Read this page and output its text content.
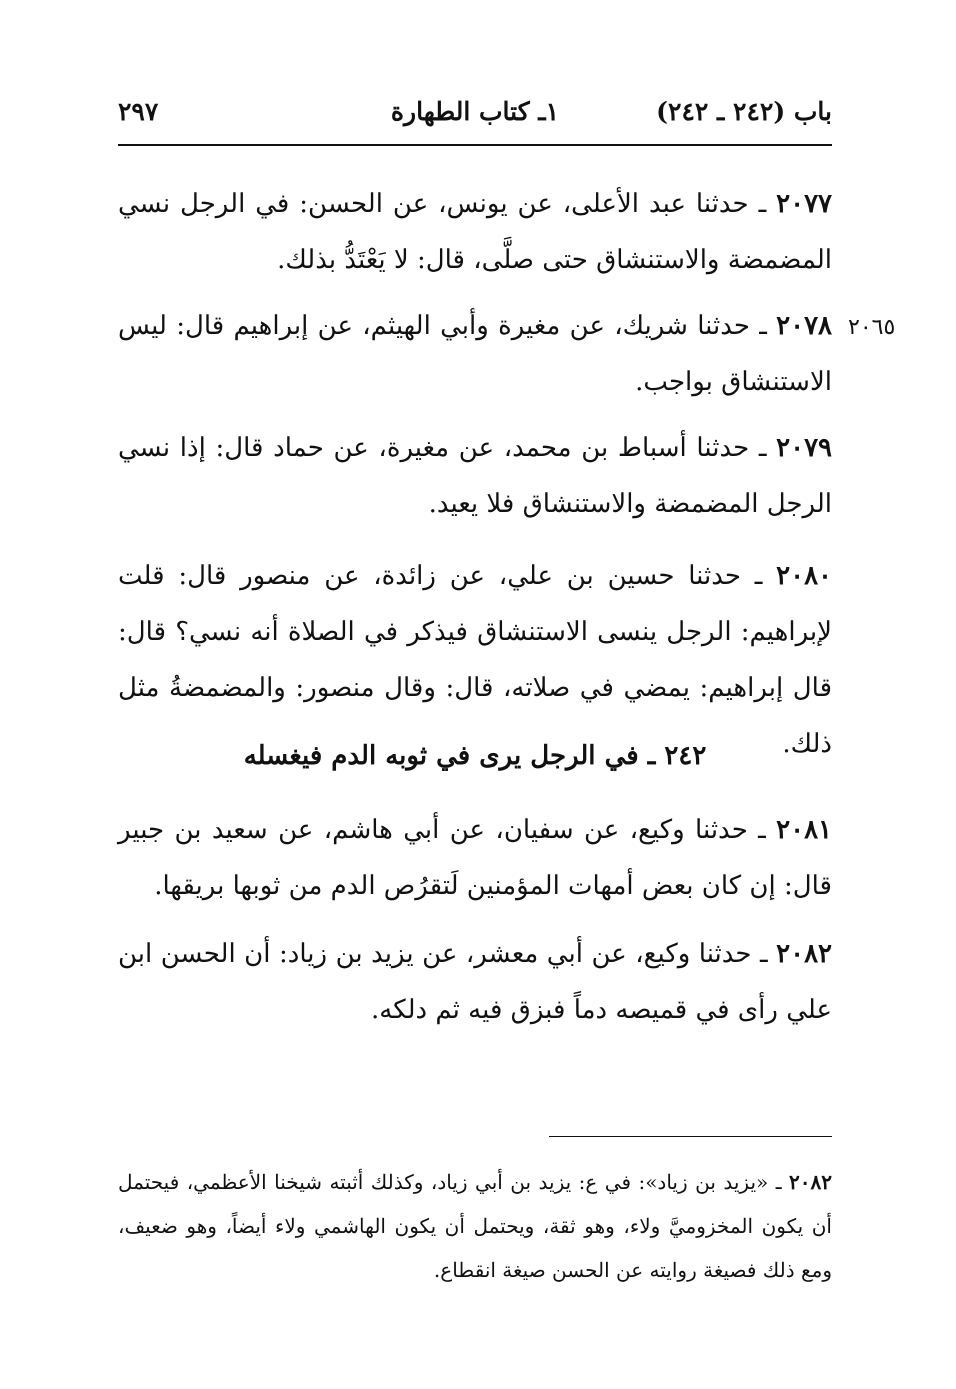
باب (٢٤٢ ـ ٢٤٢)
١ـ كتاب الطهارة
٢٩٧

٢٠٧٧ ـ حدثنا عبد الأعلى، عن يونس، عن الحسن: في الرجل نسي المضمضة والاستنشاق حتى صلَّى، قال: لا يَعْتَدُّ بذلك.

٢٠٦٥

٢٠٧٨ ـ حدثنا شريك، عن مغيرة وأبي الهيثم، عن إبراهيم قال: ليس الاستنشاق بواجب.

٢٠٧٩ ـ حدثنا أسباط بن محمد، عن مغيرة، عن حماد قال: إذا نسي الرجل المضمضة والاستنشاق فلا يعيد.

٢٠٨٠ ـ حدثنا حسين بن علي، عن زائدة، عن منصور قال: قلت لإبراهيم: الرجل ينسى الاستنشاق فيذكر في الصلاة أنه نسي؟ قال: قال إبراهيم: يمضي في صلاته، قال: وقال منصور: والمضمضةُ مثل ذلك.

٢٤٢ ـ في الرجل يرى في ثوبه الدم فيغسله

٢٠٨١ ـ حدثنا وكيع، عن سفيان، عن أبي هاشم، عن سعيد بن جبير قال: إن كان بعض أمهات المؤمنين لَتقرُص الدم من ثوبها بريقها.

٢٠٨٢ ـ حدثنا وكيع، عن أبي معشر، عن يزيد بن زياد: أن الحسن ابن علي رأى في قميصه دماً فبزق فيه ثم دلكه.

٢٠٨٢ ـ «يزيد بن زياد»: في ع: يزيد بن أبي زياد، وكذلك أثبته شيخنا الأعظمي، فيحتمل أن يكون المخزوميَّ ولاء، وهو ثقة، ويحتمل أن يكون الهاشمي ولاء أيضاً، وهو ضعيف، ومع ذلك فصيغة روايته عن الحسن صيغة انقطاع.
